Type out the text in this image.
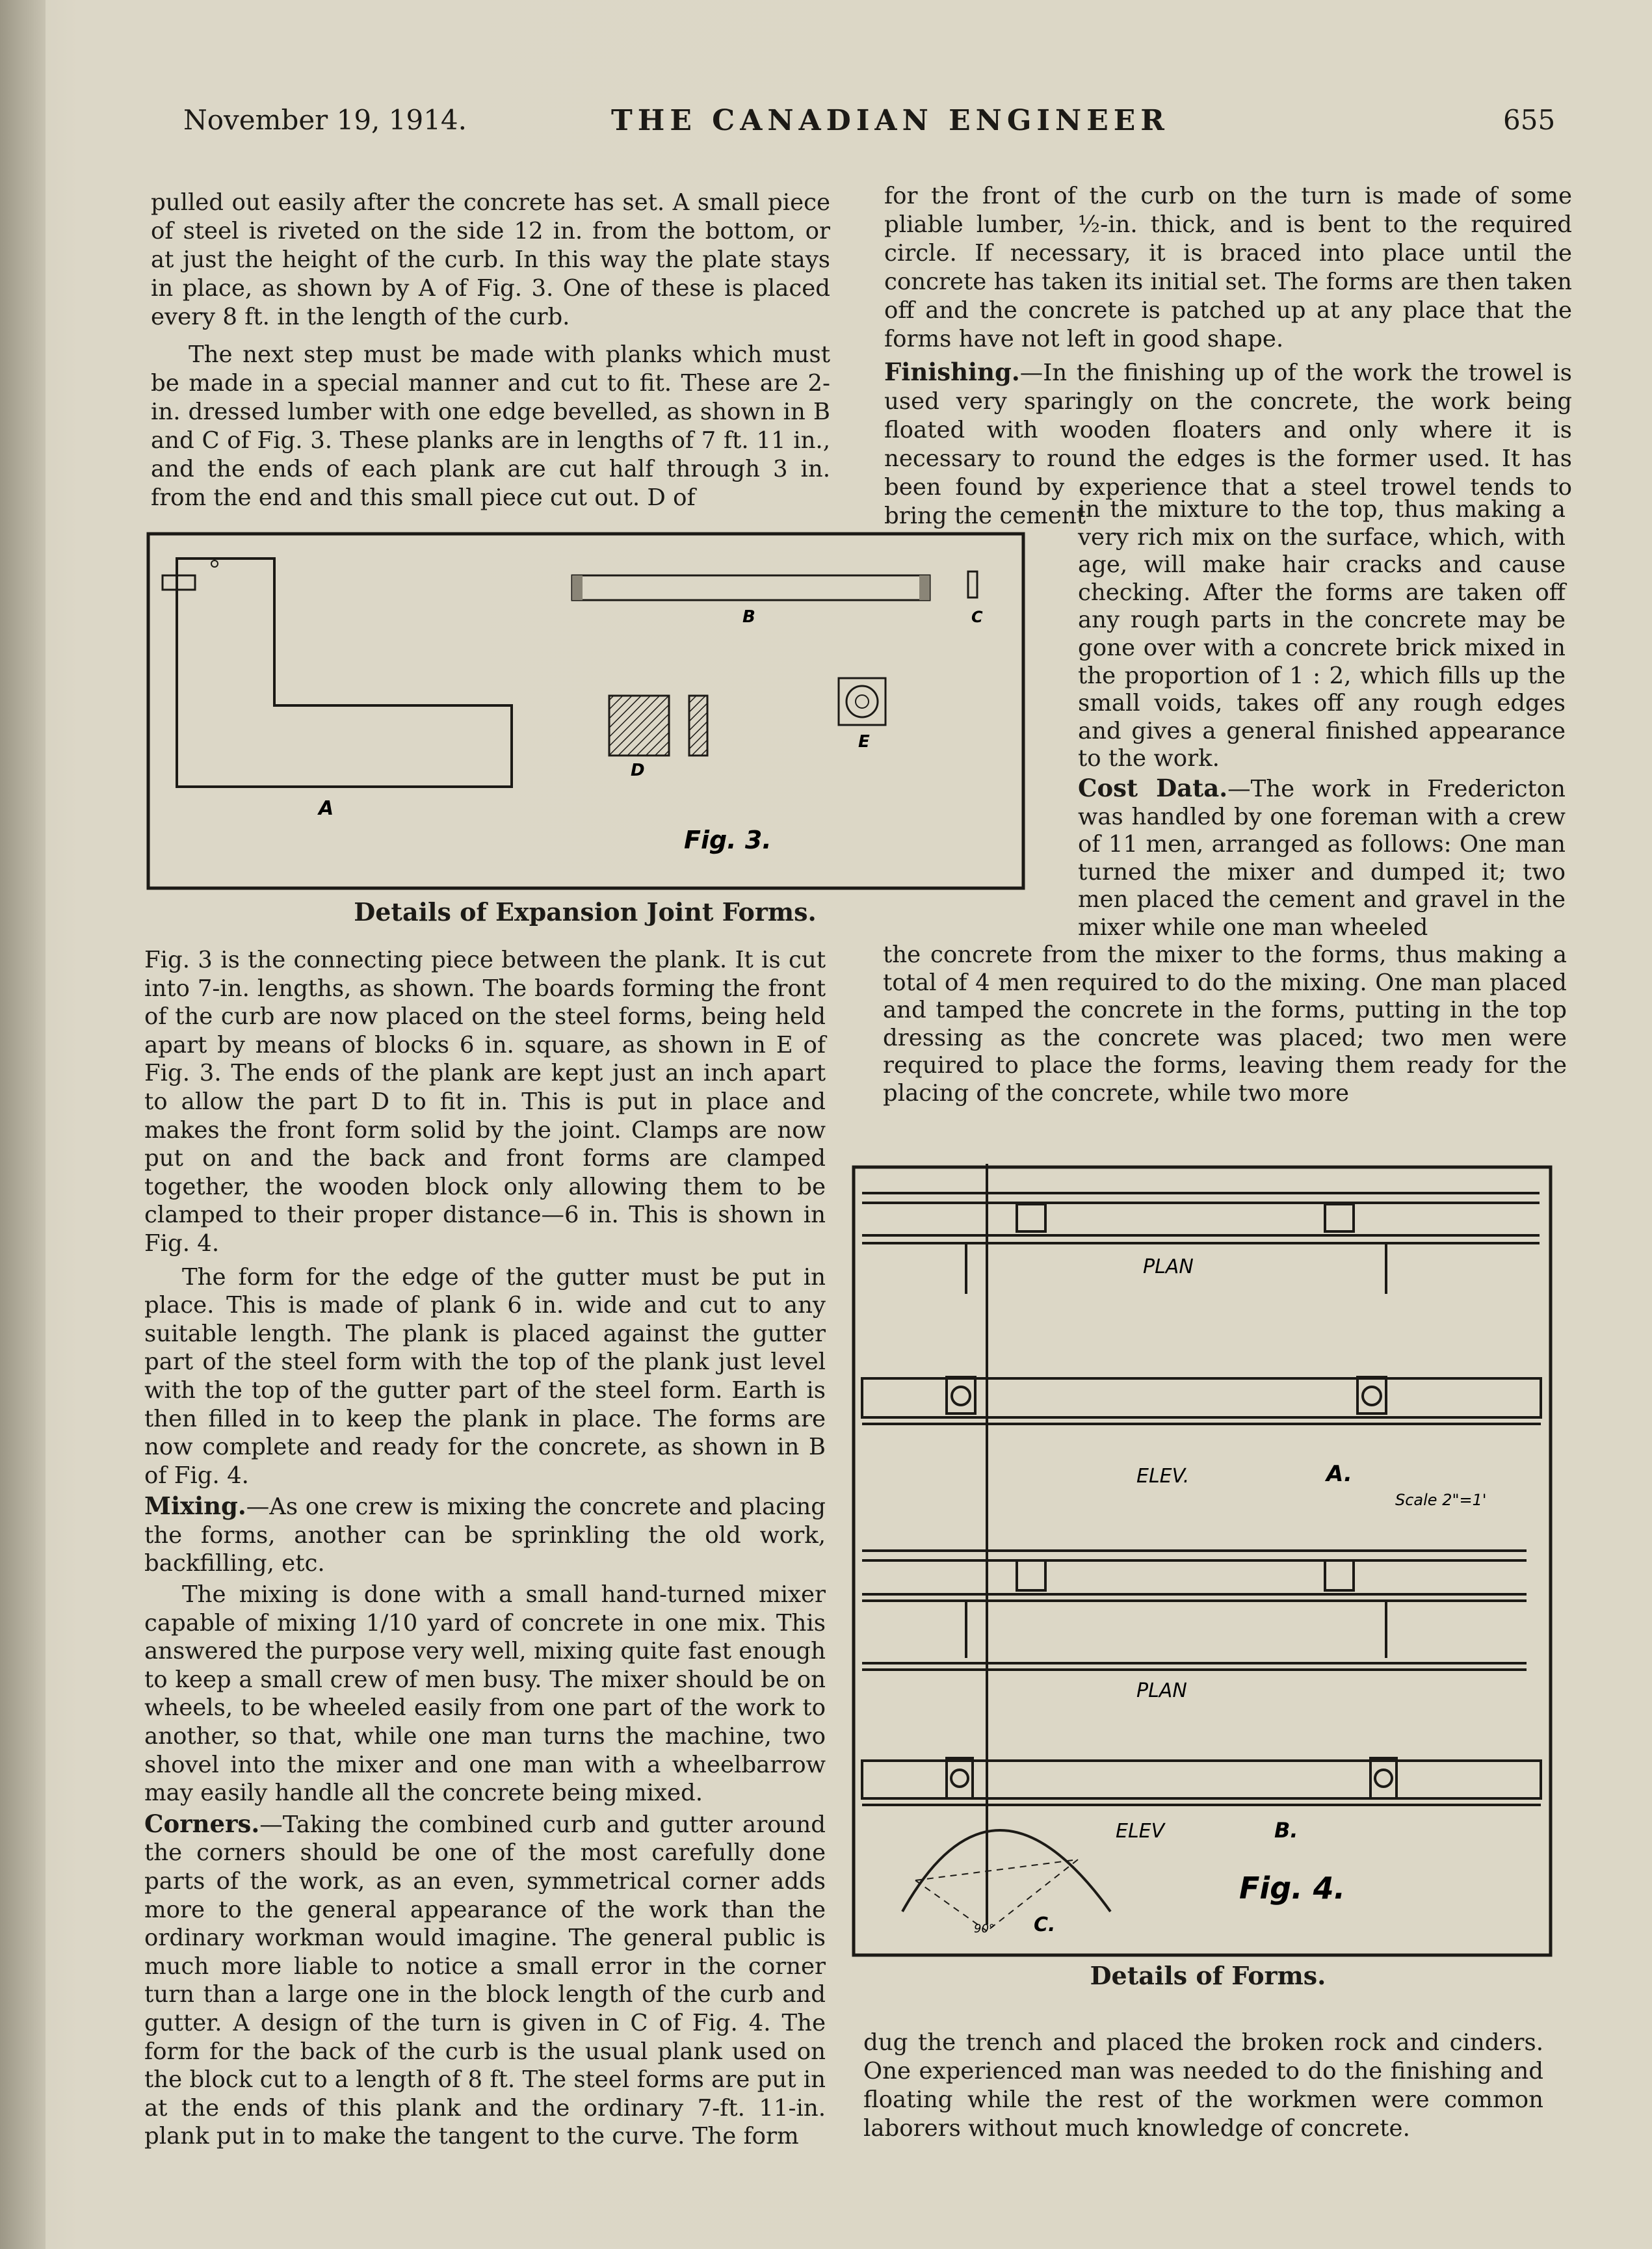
November 19, 1914.	THE CANADIAN ENGINEER	655

pulled out easily after the concrete has set. A small piece of steel is riveted on the side 12 in. from the bottom, or at just the height of the curb. In this way the plate stays in place, as shown by A of Fig. 3. One of these is placed every 8 ft. in the length of the curb.

The next step must be made with planks which must be made in a special manner and cut to fit. These are 2-in. dressed lumber with one edge bevelled, as shown in B and C of Fig. 3. These planks are in lengths of 7 ft. 11 in., and the ends of each plank are cut half through 3 in. from the end and this small piece cut out. D of

A
B	C
D
E
Fig. 3.
Details of Expansion Joint Forms.

Fig. 3 is the connecting piece between the plank. It is cut into 7-in. lengths, as shown. The boards forming the front of the curb are now placed on the steel forms, being held apart by means of blocks 6 in. square, as shown in E of Fig. 3. The ends of the plank are kept just an inch apart to allow the part D to fit in. This is put in place and makes the front form solid by the joint. Clamps are now put on and the back and front forms are clamped together, the wooden block only allowing them to be clamped to their proper distance—6 in. This is shown in Fig. 4.

The form for the edge of the gutter must be put in place. This is made of plank 6 in. wide and cut to any suitable length. The plank is placed against the gutter part of the steel form with the top of the plank just level with the top of the gutter part of the steel form. Earth is then filled in to keep the plank in place. The forms are now complete and ready for the concrete, as shown in B of Fig. 4.

Mixing.—As one crew is mixing the concrete and placing the forms, another can be sprinkling the old work, backfilling, etc.

The mixing is done with a small hand-turned mixer capable of mixing 1/10 yard of concrete in one mix. This answered the purpose very well, mixing quite fast enough to keep a small crew of men busy. The mixer should be on wheels, to be wheeled easily from one part of the work to another, so that, while one man turns the machine, two shovel into the mixer and one man with a wheelbarrow may easily handle all the concrete being mixed.

Corners.—Taking the combined curb and gutter around the corners should be one of the most carefully done parts of the work, as an even, symmetrical corner adds more to the general appearance of the work than the ordinary workman would imagine. The general public is much more liable to notice a small error in the corner turn than a large one in the block length of the curb and gutter. A design of the turn is given in C of Fig. 4. The form for the back of the curb is the usual plank used on the block cut to a length of 8 ft. The steel forms are put in at the ends of this plank and the ordinary 7-ft. 11-in. plank put in to make the tangent to the curve. The form

for the front of the curb on the turn is made of some pliable lumber, ½-in. thick, and is bent to the required circle. If necessary, it is braced into place until the concrete has taken its initial set. The forms are then taken off and the concrete is patched up at any place that the forms have not left in good shape.

Finishing.—In the finishing up of the work the trowel is used very sparingly on the concrete, the work being floated with wooden floaters and only where it is necessary to round the edges is the former used. It has been found by experience that a steel trowel tends to bring the cement

in the mixture to the top, thus making a very rich mix on the surface, which, with age, will make hair cracks and cause checking. After the forms are taken off any rough parts in the concrete may be gone over with a concrete brick mixed in the proportion of 1 : 2, which fills up the small voids, takes off any rough edges and gives a general finished appearance to the work.

Cost Data.—The work in Fredericton was handled by one foreman with a crew of 11 men, arranged as follows: One man turned the mixer and dumped it; two men placed the cement and gravel in the mixer while one man wheeled

the concrete from the mixer to the forms, thus making a total of 4 men required to do the mixing. One man placed and tamped the concrete in the forms, putting in the top dressing as the concrete was placed; two men were required to place the forms, leaving them ready for the placing of the concrete, while two more

PLAN
ELEV.	A.
Scale 2"=1'
PLAN
ELEV	B.
C.
90°
Fig. 4.
Details of Forms.

dug the trench and placed the broken rock and cinders. One experienced man was needed to do the finishing and floating while the rest of the workmen were common laborers without much knowledge of concrete.
